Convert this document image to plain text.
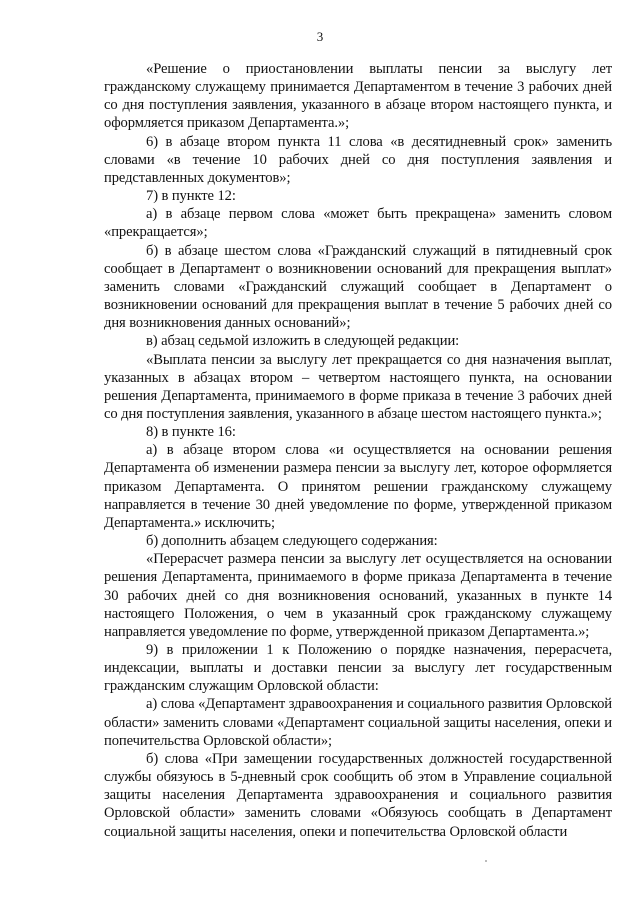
3

«Решение о приостановлении выплаты пенсии за выслугу лет гражданскому служащему принимается Департаментом в течение 3 рабочих дней со дня поступления заявления, указанного в абзаце втором настоящего пункта, и оформляется приказом Департамента.»;

6) в абзаце втором пункта 11 слова «в десятидневный срок» заменить словами «в течение 10 рабочих дней со дня поступления заявления и представленных документов»;

7) в пункте 12:

а) в абзаце первом слова «может быть прекращена» заменить словом «прекращается»;

б) в абзаце шестом слова «Гражданский служащий в пятидневный срок сообщает в Департамент о возникновении оснований для прекращения выплат» заменить словами «Гражданский служащий сообщает в Департамент о возникновении оснований для прекращения выплат в течение 5 рабочих дней со дня возникновения данных оснований»;

в) абзац седьмой изложить в следующей редакции:

«Выплата пенсии за выслугу лет прекращается со дня назначения выплат, указанных в абзацах втором – четвертом настоящего пункта, на основании решения Департамента, принимаемого в форме приказа в течение 3 рабочих дней со дня поступления заявления, указанного в абзаце шестом настоящего пункта.»;

8) в пункте 16:

а) в абзаце втором слова «и осуществляется на основании решения Департамента об изменении размера пенсии за выслугу лет, которое оформляется приказом Департамента. О принятом решении гражданскому служащему направляется в течение 30 дней уведомление по форме, утвержденной приказом Департамента.» исключить;

б) дополнить абзацем следующего содержания:

«Перерасчет размера пенсии за выслугу лет осуществляется на основании решения Департамента, принимаемого в форме приказа Департамента в течение 30 рабочих дней со дня возникновения оснований, указанных в пункте 14 настоящего Положения, о чем в указанный срок гражданскому служащему направляется уведомление по форме, утвержденной приказом Департамента.»;

9) в приложении 1 к Положению о порядке назначения, перерасчета, индексации, выплаты и доставки пенсии за выслугу лет государственным гражданским служащим Орловской области:

а) слова «Департамент здравоохранения и социального развития Орловской области» заменить словами «Департамент социальной защиты населения, опеки и попечительства Орловской области»;

б) слова «При замещении государственных должностей государственной службы обязуюсь в 5-дневный срок сообщить об этом в Управление социальной защиты населения Департамента здравоохранения и социального развития Орловской области» заменить словами «Обязуюсь сообщать в Департамент социальной защиты населения, опеки и попечительства Орловской области
